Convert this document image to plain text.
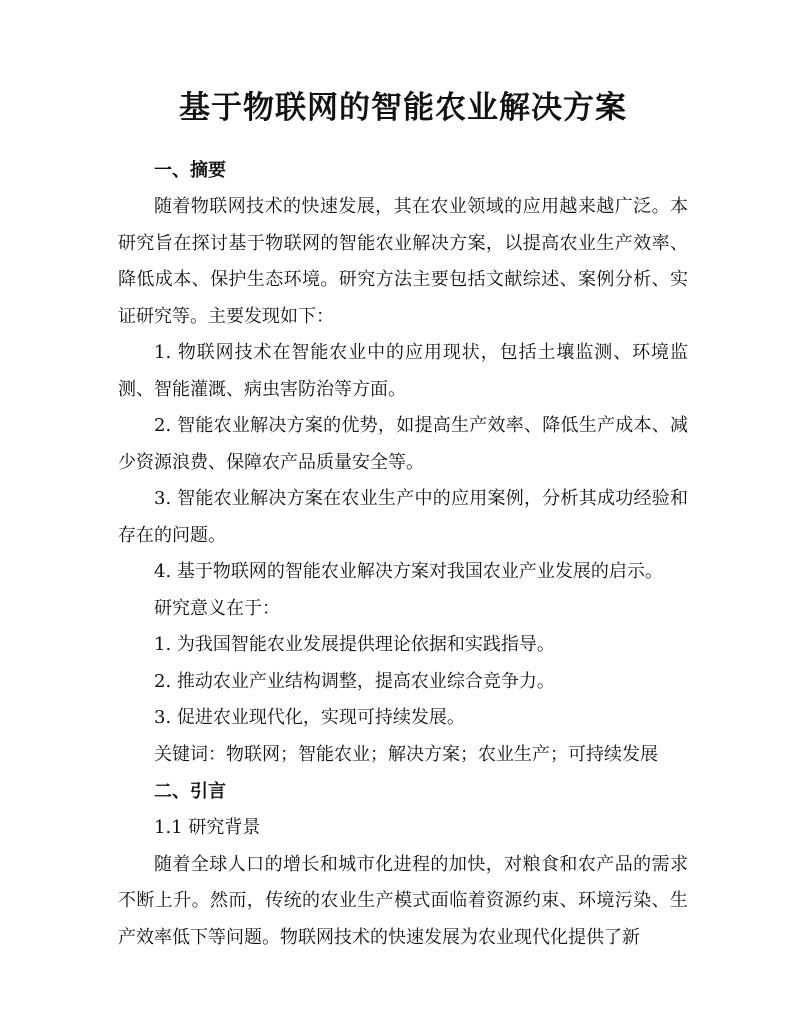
基于物联网的智能农业解决方案
一、摘要

随着物联网技术的快速发展，其在农业领域的应用越来越广泛。本研究旨在探讨基于物联网的智能农业解决方案，以提高农业生产效率、降低成本、保护生态环境。研究方法主要包括文献综述、案例分析、实证研究等。主要发现如下：

1. 物联网技术在智能农业中的应用现状，包括土壤监测、环境监测、智能灌溉、病虫害防治等方面。

2. 智能农业解决方案的优势，如提高生产效率、降低生产成本、减少资源浪费、保障农产品质量安全等。

3. 智能农业解决方案在农业生产中的应用案例，分析其成功经验和存在的问题。

4. 基于物联网的智能农业解决方案对我国农业产业发展的启示。

研究意义在于：

1. 为我国智能农业发展提供理论依据和实践指导。

2. 推动农业产业结构调整，提高农业综合竞争力。

3. 促进农业现代化，实现可持续发展。

关键词：物联网；智能农业；解决方案；农业生产；可持续发展

二、引言

1.1 研究背景

随着全球人口的增长和城市化进程的加快，对粮食和农产品的需求不断上升。然而，传统的农业生产模式面临着资源约束、环境污染、生产效率低下等问题。物联网技术的快速发展为农业现代化提供了新
